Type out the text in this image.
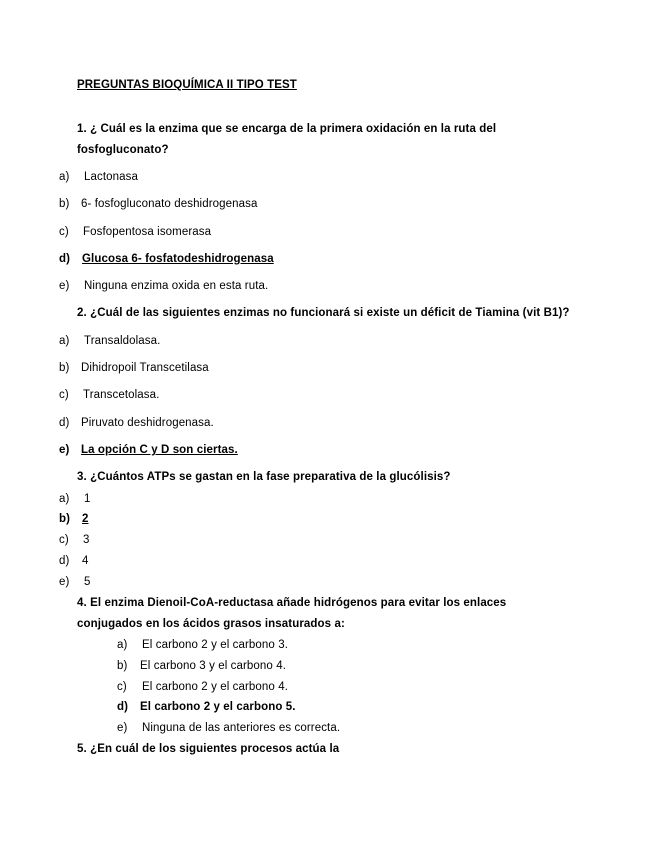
PREGUNTAS BIOQUÍMICA II TIPO TEST
1. ¿ Cuál es la enzima que se encarga de la primera oxidación en la ruta del
fosfogluconato?
a) Lactonasa
b) 6- fosfogluconato deshidrogenasa
c) Fosfopentosa isomerasa
d) Glucosa 6- fosfatodeshidrogenasa
e) Ninguna enzima oxida en esta ruta.
2. ¿Cuál de las siguientes enzimas no funcionará si existe un déficit de Tiamina (vit B1)?
a) Transaldolasa.
b) Dihidropoil Transcetilasa
c) Transcetolasa.
d) Piruvato deshidrogenasa.
e) La opción C y D son ciertas.
3. ¿Cuántos ATPs se gastan en la fase preparativa de la glucólisis?
a) 1
b) 2
c) 3
d) 4
e) 5
4. El enzima Dienoil-CoA-reductasa añade hidrógenos para evitar los enlaces
conjugados en los ácidos grasos insaturados a:
a) El carbono 2 y el carbono 3.
b) El carbono 3 y el carbono 4.
c) El carbono 2 y el carbono 4.
d) El carbono 2 y el carbono 5.
e) Ninguna de las anteriores es correcta.
5. ¿En cuál de los siguientes procesos actúa la
